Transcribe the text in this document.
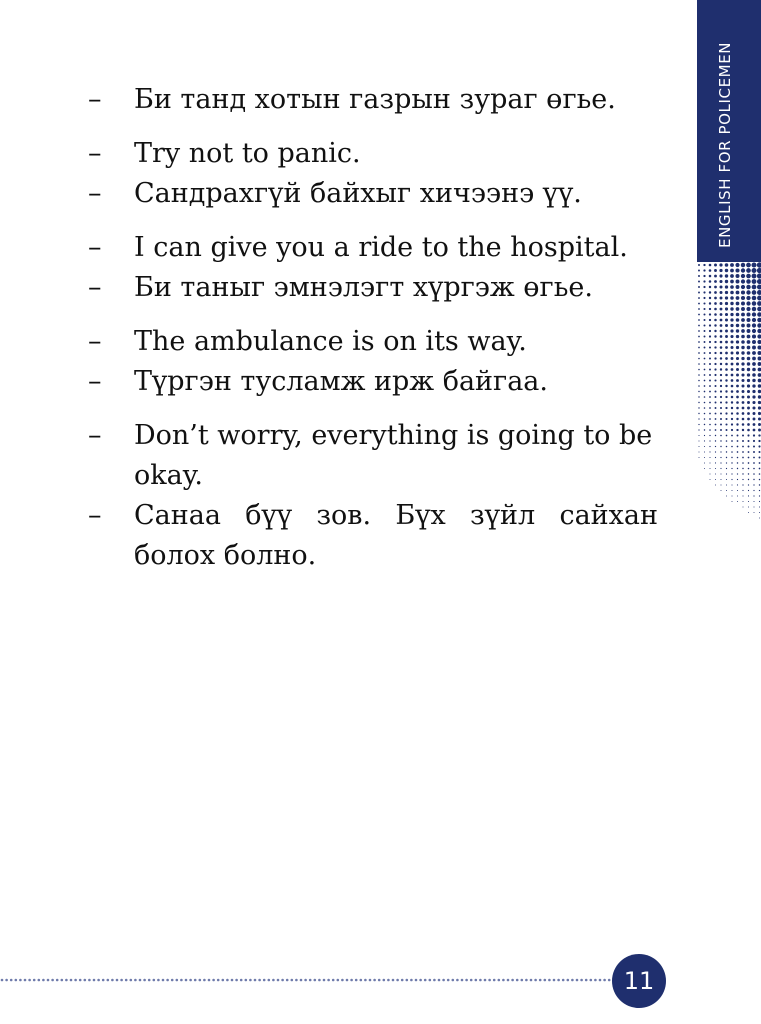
–	Би танд хотын газрын зураг өгье.
–	Try not to panic.
–	Сандрахгүй байхыг хичээнэ үү.
–	I can give you a ride to the hospital.
–	Би таныг эмнэлэгт хүргэж өгье.
–	The ambulance is on its way.
–	Түргэн тусламж ирж байгаа.
–	Don’t worry, everything is going to be okay.
–	Санаа бүү зов. Бүх зүйл сайхан болох болно.
ENGLISH FOR POLICEMEN
11
